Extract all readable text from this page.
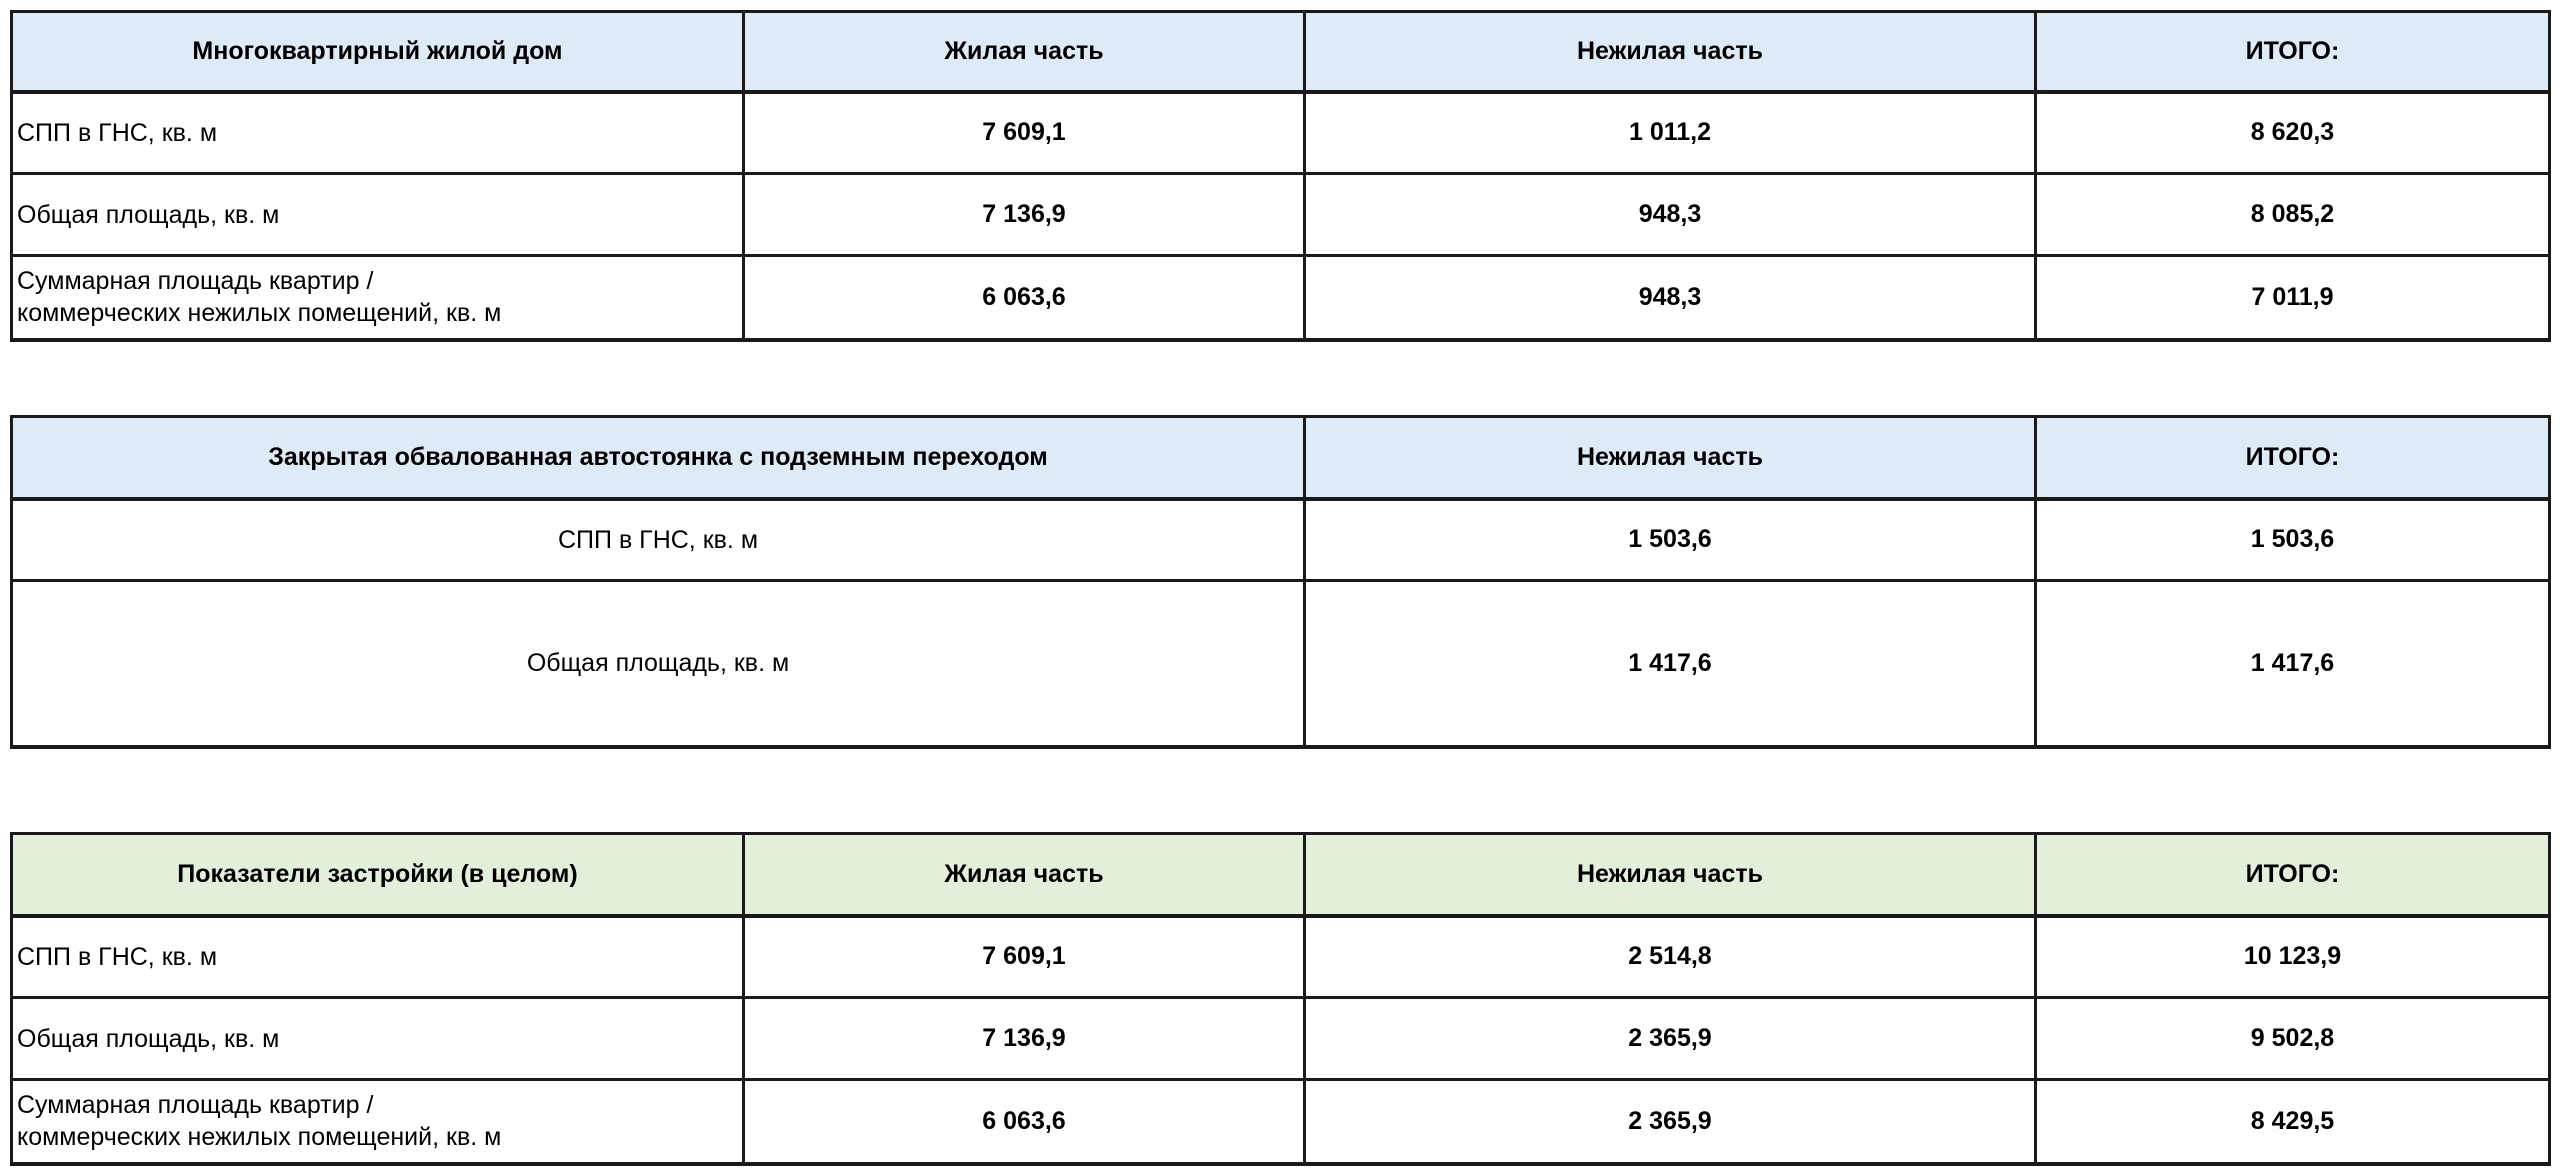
Многоквартирный жилой дом	Жилая часть	Нежилая часть	ИТОГО:
СПП в ГНС, кв. м	7 609,1	1 011,2	8 620,3
Общая площадь, кв. м	7 136,9	948,3	8 085,2

Суммарная площадь квартир /
коммерческих нежилых помещений, кв. м	6 063,6	948,3	7 011,9
Закрытая обвалованная автостоянка с подземным переходом	Нежилая часть	ИТОГО:
СПП в ГНС, кв. м	1 503,6	1 503,6
Общая площадь, кв. м	1 417,6	1 417,6
Показатели застройки (в целом)	Жилая часть	Нежилая часть	ИТОГО:
СПП в ГНС, кв. м	7 609,1	2 514,8	10 123,9
Общая площадь, кв. м	7 136,9	2 365,9	9 502,8

Суммарная площадь квартир /
коммерческих нежилых помещений, кв. м	6 063,6	2 365,9	8 429,5
